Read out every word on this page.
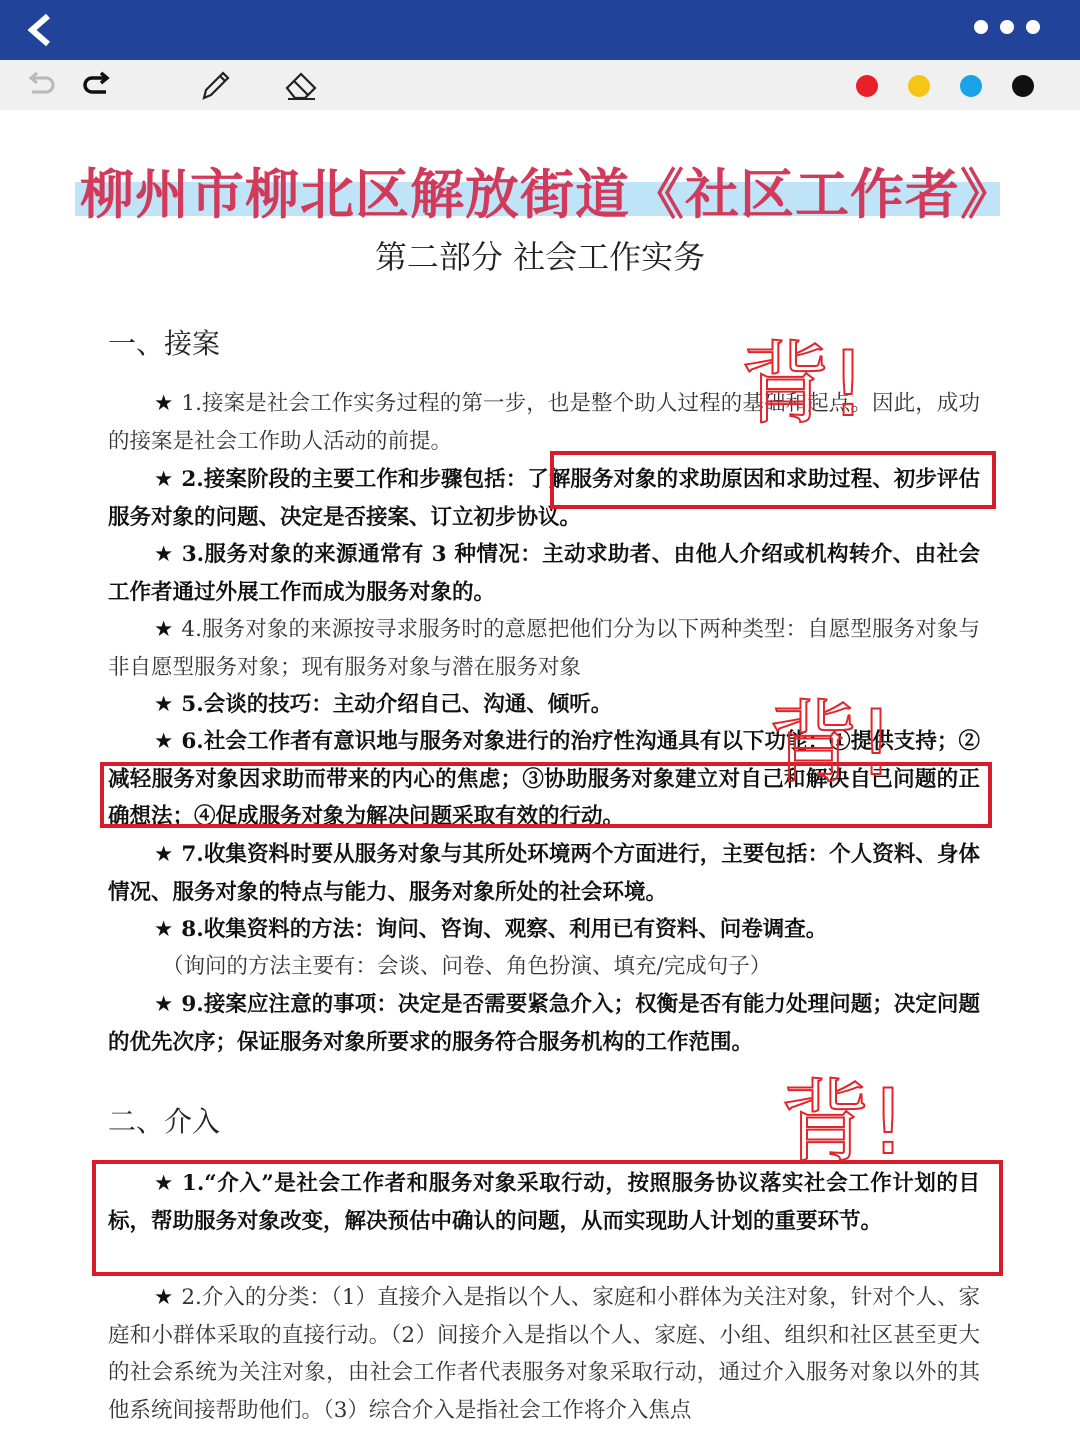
柳州市柳北区解放街道《社区工作者》
第二部分 社会工作实务
一、接案
★ 1.接案是社会工作实务过程的第一步，也是整个助人过程的基础和起点。因此，成功的接案是社会工作助人活动的前提。
★ 2.接案阶段的主要工作和步骤包括：了解服务对象的求助原因和求助过程、初步评估服务对象的问题、决定是否接案、订立初步协议。
★ 3.服务对象的来源通常有 3 种情况：主动求助者、由他人介绍或机构转介、由社会工作者通过外展工作而成为服务对象的。
★ 4.服务对象的来源按寻求服务时的意愿把他们分为以下两种类型：自愿型服务对象与非自愿型服务对象；现有服务对象与潜在服务对象
★ 5.会谈的技巧：主动介绍自己、沟通、倾听。
★ 6.社会工作者有意识地与服务对象进行的治疗性沟通具有以下功能：①提供支持；②减轻服务对象因求助而带来的内心的焦虑；③协助服务对象建立对自己和解决自己问题的正确想法；④促成服务对象为解决问题采取有效的行动。
★ 7.收集资料时要从服务对象与其所处环境两个方面进行，主要包括：个人资料、身体情况、服务对象的特点与能力、服务对象所处的社会环境。
★ 8.收集资料的方法：询问、咨询、观察、利用已有资料、问卷调查。
（询问的方法主要有：会谈、问卷、角色扮演、填充/完成句子）
★ 9.接案应注意的事项：决定是否需要紧急介入；权衡是否有能力处理问题；决定问题的优先次序；保证服务对象所要求的服务符合服务机构的工作范围。
二、介入
★ 1.“介入”是社会工作者和服务对象采取行动，按照服务协议落实社会工作计划的目标，帮助服务对象改变，解决预估中确认的问题，从而实现助人计划的重要环节。
★ 2.介入的分类：（1）直接介入是指以个人、家庭和小群体为关注对象，针对个人、家庭和小群体采取的直接行动。（2）间接介入是指以个人、家庭、小组、组织和社区甚至更大的社会系统为关注对象，由社会工作者代表服务对象采取行动，通过介入服务对象以外的其他系统间接帮助他们。（3）综合介入是指社会工作将介入焦点
背!
背!
背!
